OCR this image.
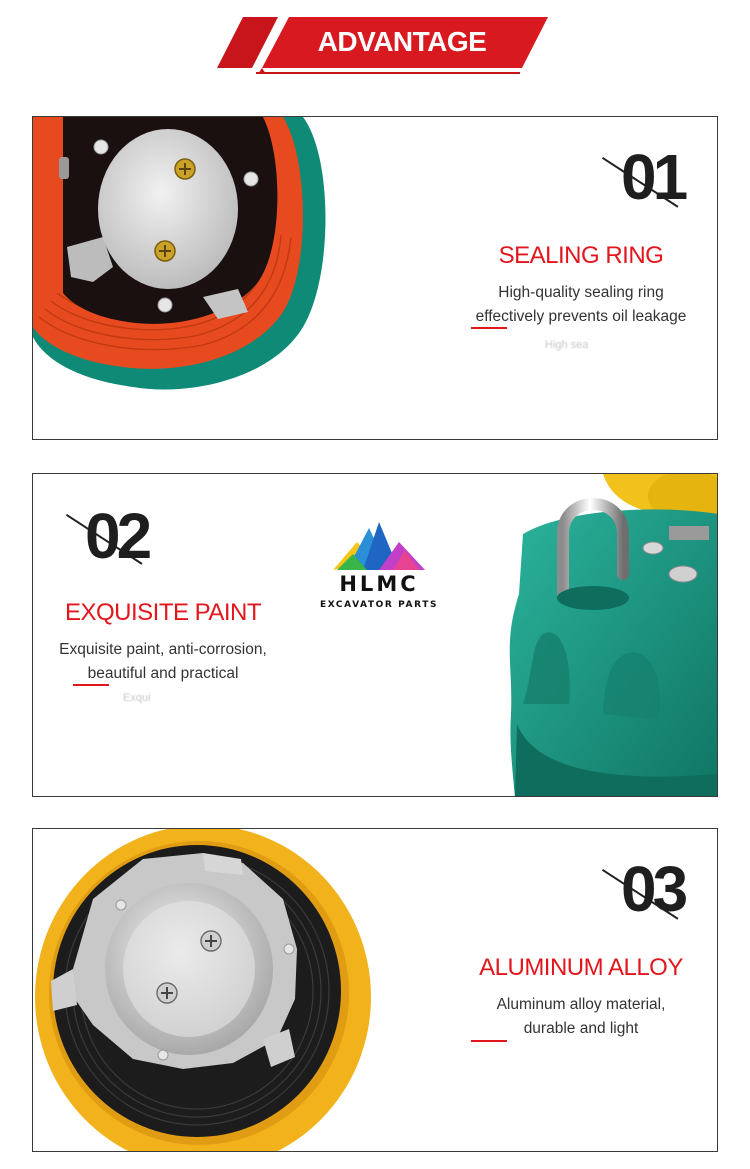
ADVANTAGE
01
SEALING RING
High-quality sealing ring
effectively prevents oil leakage
High sea
02
EXQUISITE PAINT
Exquisite paint, anti-corrosion,
beautiful and practical
Exqui
HLMC
EXCAVATOR PARTS
03
ALUMINUM ALLOY
Aluminum alloy material,
durable and light
